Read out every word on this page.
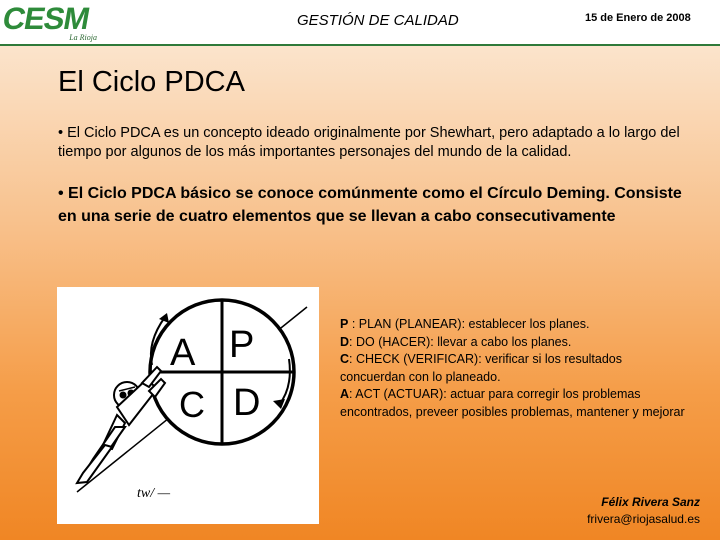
CESM
La Rioja
GESTIÓN DE CALIDAD	15 de Enero de 2008
El Ciclo PDCA
• El Ciclo PDCA es un concepto ideado originalmente por Shewhart, pero adaptado a lo largo del tiempo por algunos de los más importantes personajes del mundo de la calidad.
• El Ciclo PDCA básico se conoce comúnmente como el Círculo Deming. Consiste en una serie de cuatro elementos que se llevan a cabo consecutivamente
A P
C D
tw/ —

P : PLAN (PLANEAR): establecer los planes.

D: DO (HACER): llevar a cabo los planes.

C: CHECK (VERIFICAR): verificar si los resultados concuerdan con lo planeado.

A: ACT (ACTUAR): actuar para corregir los problemas encontrados, preveer posibles problemas, mantener y mejorar

Félix Rivera Sanz
frivera@riojasalud.es
